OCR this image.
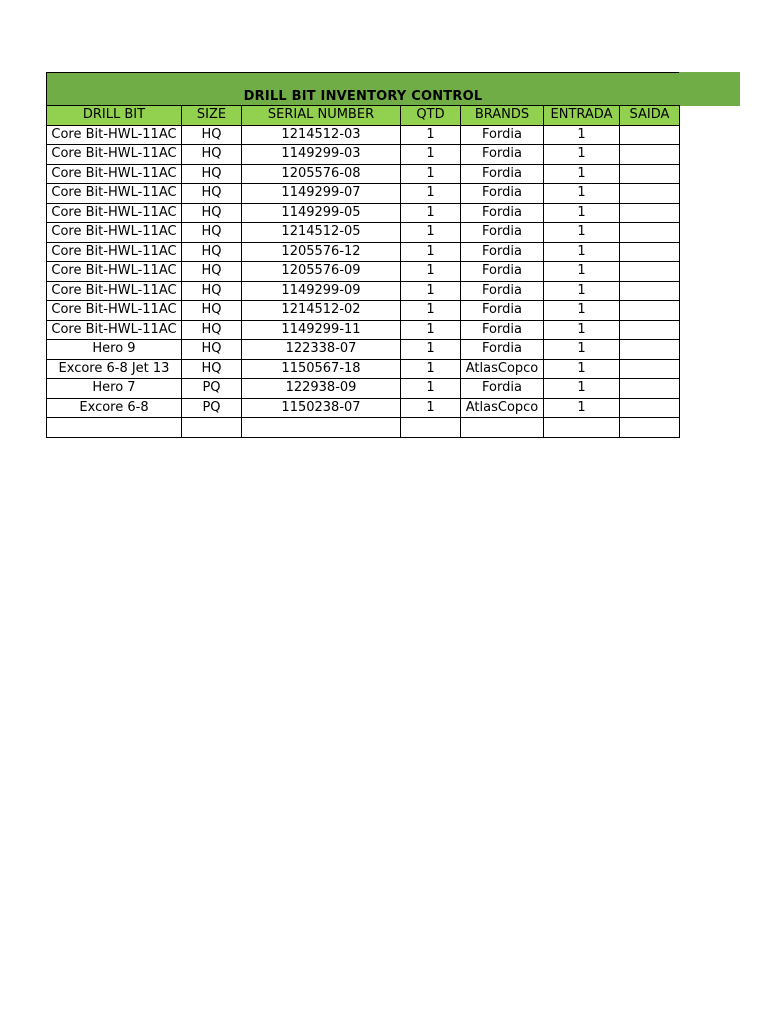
DRILL BIT INVENTORY CONTROL
DRILL BIT	SIZE	SERIAL NUMBER	QTD	BRANDS	ENTRADA	SAIDA
Core Bit-HWL-11AC	HQ	1214512-03	1	Fordia	1	
Core Bit-HWL-11AC	HQ	1149299-03	1	Fordia	1	
Core Bit-HWL-11AC	HQ	1205576-08	1	Fordia	1	
Core Bit-HWL-11AC	HQ	1149299-07	1	Fordia	1	
Core Bit-HWL-11AC	HQ	1149299-05	1	Fordia	1	
Core Bit-HWL-11AC	HQ	1214512-05	1	Fordia	1	
Core Bit-HWL-11AC	HQ	1205576-12	1	Fordia	1	
Core Bit-HWL-11AC	HQ	1205576-09	1	Fordia	1	
Core Bit-HWL-11AC	HQ	1149299-09	1	Fordia	1	
Core Bit-HWL-11AC	HQ	1214512-02	1	Fordia	1	
Core Bit-HWL-11AC	HQ	1149299-11	1	Fordia	1	
Hero 9	HQ	122338-07	1	Fordia	1	
Excore 6-8 Jet 13	HQ	1150567-18	1	AtlasCopco	1	
Hero 7	PQ	122938-09	1	Fordia	1	
Excore 6-8	PQ	1150238-07	1	AtlasCopco	1	
